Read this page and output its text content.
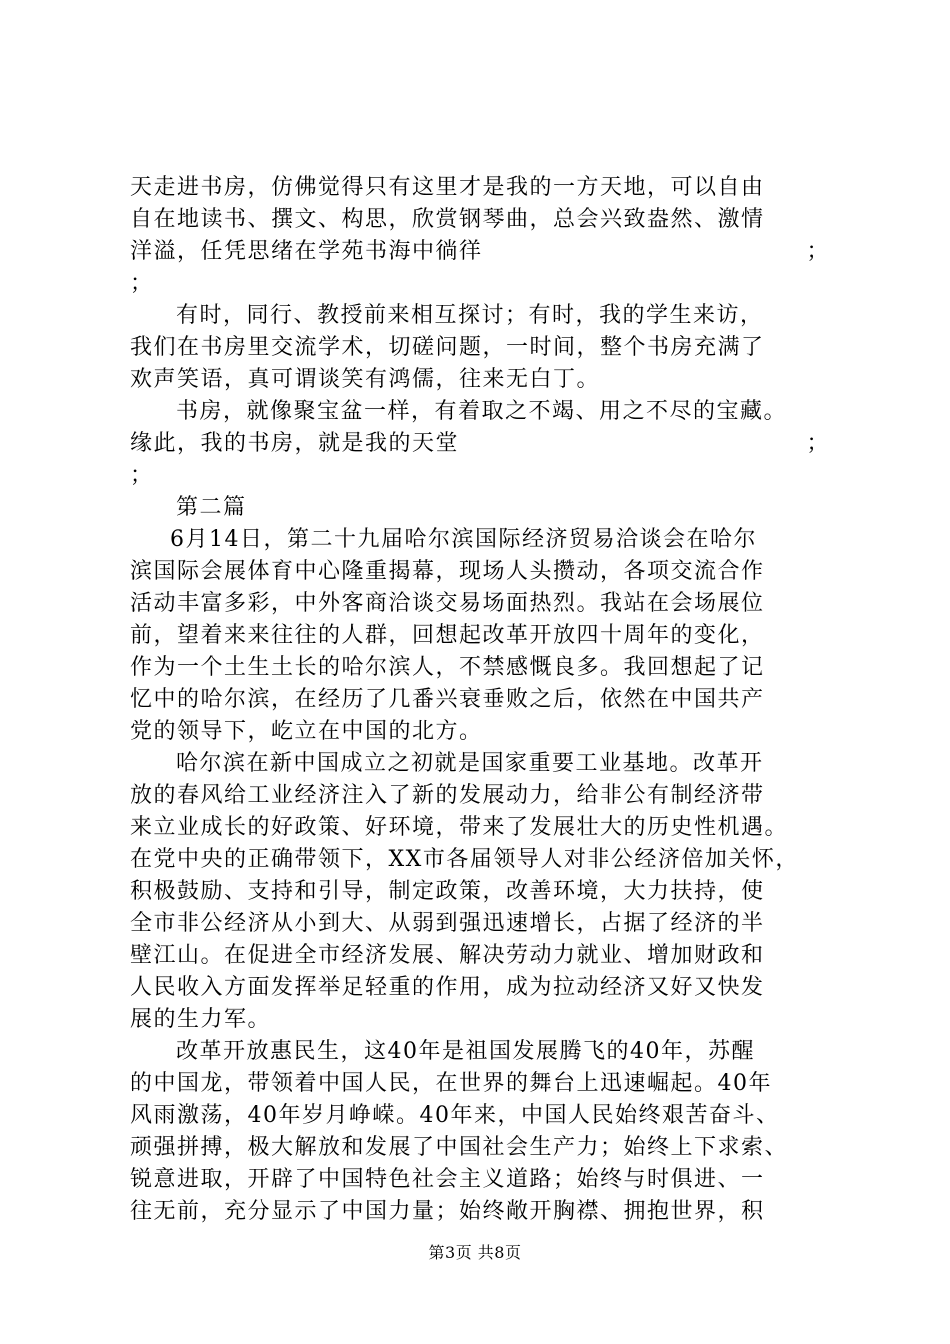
天走进书房，仿佛觉得只有这里才是我的一方天地，可以自由
自在地读书、撰文、构思，欣赏钢琴曲，总会兴致盎然、激情
洋溢，任凭思绪在学苑书海中徜徉	；
；
有时，同行、教授前来相互探讨；有时，我的学生来访，
我们在书房里交流学术，切磋问题，一时间，整个书房充满了
欢声笑语，真可谓谈笑有鸿儒，往来无白丁。
书房，就像聚宝盆一样，有着取之不竭、用之不尽的宝藏。
缘此，我的书房，就是我的天堂	；
；
第二篇
6月14日，第二十九届哈尔滨国际经济贸易洽谈会在哈尔
滨国际会展体育中心隆重揭幕，现场人头攒动，各项交流合作
活动丰富多彩，中外客商洽谈交易场面热烈。我站在会场展位
前，望着来来往往的人群，回想起改革开放四十周年的变化，
作为一个土生土长的哈尔滨人，不禁感慨良多。我回想起了记
忆中的哈尔滨，在经历了几番兴衰垂败之后，依然在中国共产
党的领导下，屹立在中国的北方。
哈尔滨在新中国成立之初就是国家重要工业基地。改革开
放的春风给工业经济注入了新的发展动力，给非公有制经济带
来立业成长的好政策、好环境，带来了发展壮大的历史性机遇。
在党中央的正确带领下，XX市各届领导人对非公经济倍加关怀，
积极鼓励、支持和引导，制定政策，改善环境，大力扶持，使
全市非公经济从小到大、从弱到强迅速增长，占据了经济的半
壁江山。在促进全市经济发展、解决劳动力就业、增加财政和
人民收入方面发挥举足轻重的作用，成为拉动经济又好又快发
展的生力军。
改革开放惠民生，这40年是祖国发展腾飞的40年，苏醒
的中国龙，带领着中国人民，在世界的舞台上迅速崛起。40年
风雨激荡，40年岁月峥嵘。40年来，中国人民始终艰苦奋斗、
顽强拼搏，极大解放和发展了中国社会生产力；始终上下求索、
锐意进取，开辟了中国特色社会主义道路；始终与时俱进、一
往无前，充分显示了中国力量；始终敞开胸襟、拥抱世界，积
第3页 共8页
